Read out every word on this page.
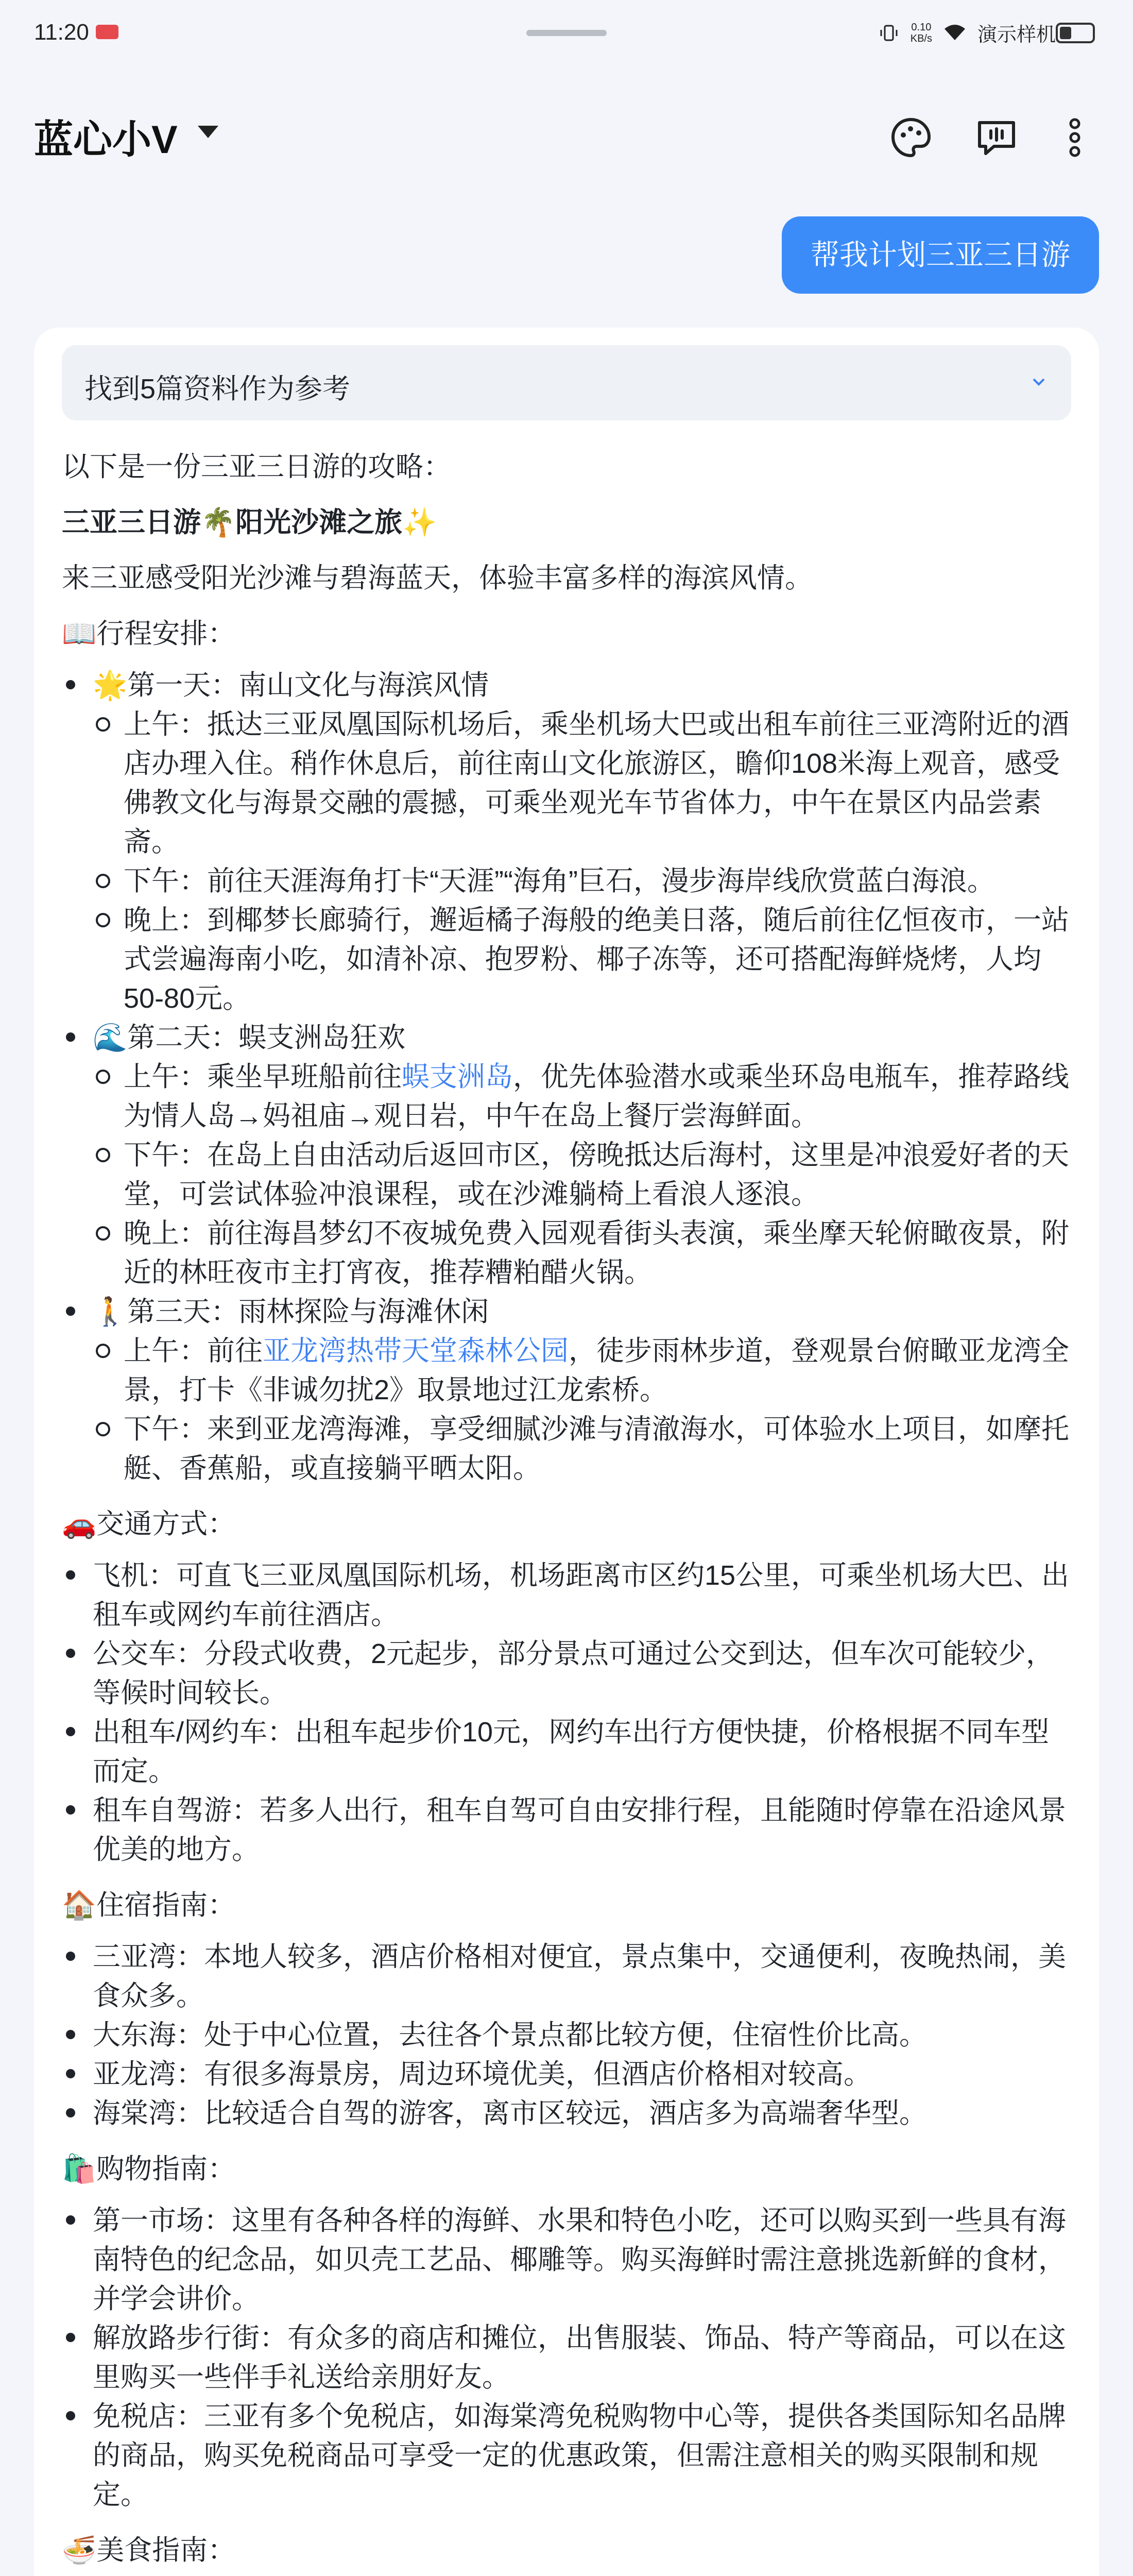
11:20	0.10
KB/s 演示样机
蓝心小V
帮我计划三亚三日游
找到5篇资料作为参考

以下是一份三亚三日游的攻略：

三亚三日游🌴阳光沙滩之旅✨

来三亚感受阳光沙滩与碧海蓝天，体验丰富多样的海滨风情。

📖行程安排：

🌟第一天：南山文化与海滨风情
上午：抵达三亚凤凰国际机场后，乘坐机场大巴或出租车前往三亚湾附近的酒店办理入住。稍作休息后，前往南山文化旅游区，瞻仰108米海上观音，感受佛教文化与海景交融的震撼，可乘坐观光车节省体力，中午在景区内品尝素斋。
下午：前往天涯海角打卡“天涯”“海角”巨石，漫步海岸线欣赏蓝白海浪。
晚上：到椰梦长廊骑行，邂逅橘子海般的绝美日落，随后前往亿恒夜市，一站式尝遍海南小吃，如清补凉、抱罗粉、椰子冻等，还可搭配海鲜烧烤，人均50-80元。
🌊第二天：蜈支洲岛狂欢
上午：乘坐早班船前往蜈支洲岛，优先体验潜水或乘坐环岛电瓶车，推荐路线为情人岛→妈祖庙→观日岩，中午在岛上餐厅尝海鲜面。
下午：在岛上自由活动后返回市区，傍晚抵达后海村，这里是冲浪爱好者的天堂，可尝试体验冲浪课程，或在沙滩躺椅上看浪人逐浪。
晚上：前往海昌梦幻不夜城免费入园观看街头表演，乘坐摩天轮俯瞰夜景，附近的林旺夜市主打宵夜，推荐糟粕醋火锅。
🚶第三天：雨林探险与海滩休闲
上午：前往亚龙湾热带天堂森林公园，徒步雨林步道，登观景台俯瞰亚龙湾全景，打卡《非诚勿扰2》取景地过江龙索桥。
下午：来到亚龙湾海滩，享受细腻沙滩与清澈海水，可体验水上项目，如摩托艇、香蕉船，或直接躺平晒太阳。

🚗交通方式：

飞机：可直飞三亚凤凰国际机场，机场距离市区约15公里，可乘坐机场大巴、出租车或网约车前往酒店。
公交车：分段式收费，2元起步，部分景点可通过公交到达，但车次可能较少，等候时间较长。
出租车/网约车：出租车起步价10元，网约车出行方便快捷，价格根据不同车型而定。
租车自驾游：若多人出行，租车自驾可自由安排行程，且能随时停靠在沿途风景优美的地方。

🏠住宿指南：

三亚湾：本地人较多，酒店价格相对便宜，景点集中，交通便利，夜晚热闹，美食众多。
大东海：处于中心位置，去往各个景点都比较方便，住宿性价比高。
亚龙湾：有很多海景房，周边环境优美，但酒店价格相对较高。
海棠湾：比较适合自驾的游客，离市区较远，酒店多为高端奢华型。

🛍️购物指南：

第一市场：这里有各种各样的海鲜、水果和特色小吃，还可以购买到一些具有海南特色的纪念品，如贝壳工艺品、椰雕等。购买海鲜时需注意挑选新鲜的食材，并学会讲价。
解放路步行街：有众多的商店和摊位，出售服装、饰品、特产等商品，可以在这里购买一些伴手礼送给亲朋好友。
免税店：三亚有多个免税店，如海棠湾免税购物中心等，提供各类国际知名品牌的商品，购买免税商品可享受一定的优惠政策，但需注意相关的购买限制和规定。

🍜美食指南：
